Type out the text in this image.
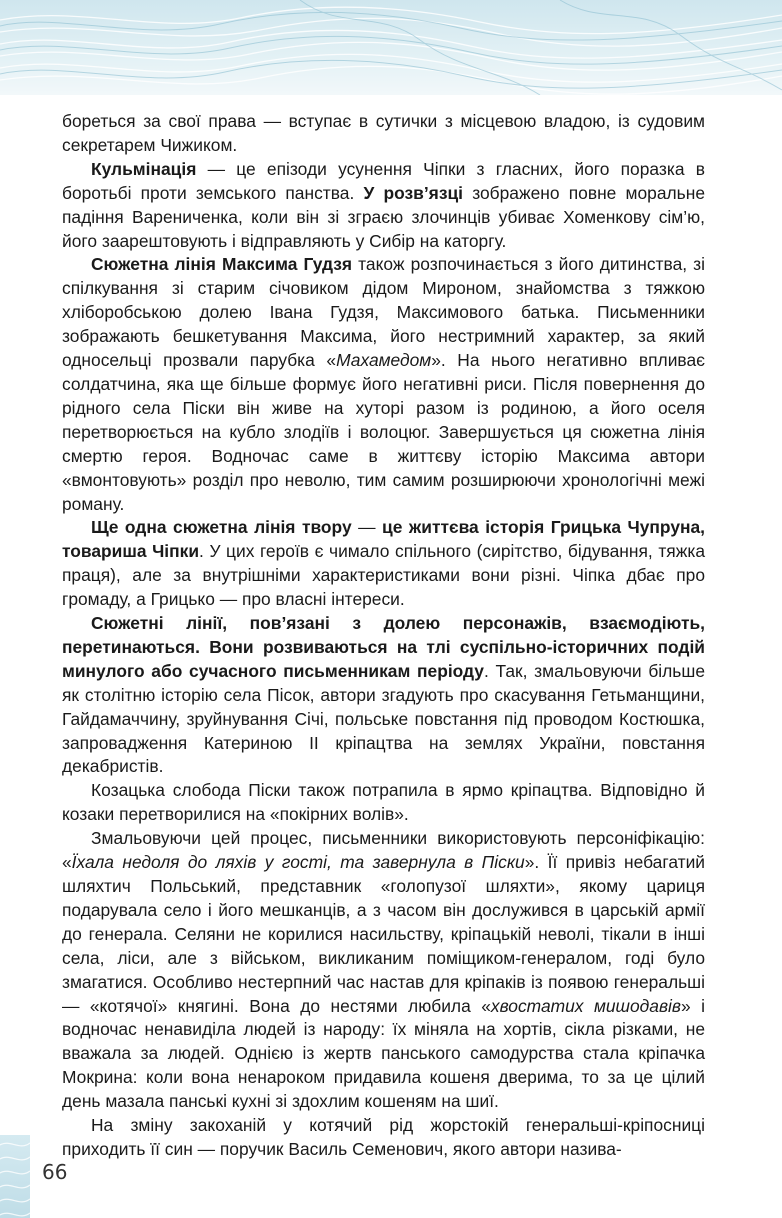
бореться за свої права — вступає в сутички з місцевою владою, із судовим секретарем Чижиком.

Кульмінація — це епізоди усунення Чіпки з гласних, його поразка в боротьбі проти земського панства. У розв’язці зображено повне моральне падіння Варениченка, коли він зі зграєю злочинців убиває Хоменкову сім’ю, його заарештовують і відправляють у Сибір на каторгу.

Сюжетна лінія Максима Гудзя також розпочинається з його дитинства, зі спілкування зі старим січовиком дідом Мироном, знайомства з тяжкою хліборобською долею Івана Гудзя, Максимового батька. Письменники зображають бешкетування Максима, його нестримний характер, за який односельці прозвали парубка «Махамедом». На нього негативно впливає солдатчина, яка ще більше формує його негативні риси. Після повернення до рідного села Піски він живе на хуторі разом із родиною, а його оселя перетворюється на кубло злодіїв і волоцюг. Завершується ця сюжетна лінія смертю героя. Водночас саме в життєву історію Максима автори «вмонтовують» розділ про неволю, тим самим розширюючи хронологічні межі роману.

Ще одна сюжетна лінія твору — це життєва історія Грицька Чупруна, товариша Чіпки. У цих героїв є чимало спільного (сирітство, бідування, тяжка праця), але за внутрішніми характеристиками вони різні. Чіпка дбає про громаду, а Грицько — про власні інтереси.

Сюжетні лінії, пов’язані з долею персонажів, взаємодіють, перетинаються. Вони розвиваються на тлі суспільно-історичних подій минулого або сучасного письменникам періоду. Так, змальовуючи більше як столітню історію села Пісок, автори згадують про скасування Гетьманщини, Гайдамаччину, зруйнування Січі, польське повстання під проводом Костюшка, запровадження Катериною ІІ кріпацтва на землях України, повстання декабристів.

Козацька слобода Піски також потрапила в ярмо кріпацтва. Відповідно й козаки перетворилися на «покірних волів».

Змальовуючи цей процес, письменники використовують персоніфікацію: «Їхала недоля до ляхів у гості, та завернула в Піски». Її привіз небагатий шляхтич Польський, представник «голопузої шляхти», якому цариця подарувала село і його мешканців, а з часом він дослужився в царській армії до генерала. Селяни не корилися насильству, кріпацькій неволі, тікали в інші села, ліси, але з військом, викликаним поміщиком-генералом, годі було змагатися. Особливо нестерпний час настав для кріпаків із появою генеральші — «котячої» княгині. Вона до нестями любила «хвостатих мишодавів» і водночас ненавиділа людей із народу: їх міняла на хортів, сікла різками, не вважала за людей. Однією із жертв панського самодурства стала кріпачка Мокрина: коли вона ненароком придавила кошеня дверима, то за це цілий день мазала панські кухні зі здохлим кошеням на шиї.

На зміну закоханій у котячий рід жорстокій генеральші-кріпосниці приходить її син — поручик Василь Семенович, якого автори назива-

66
